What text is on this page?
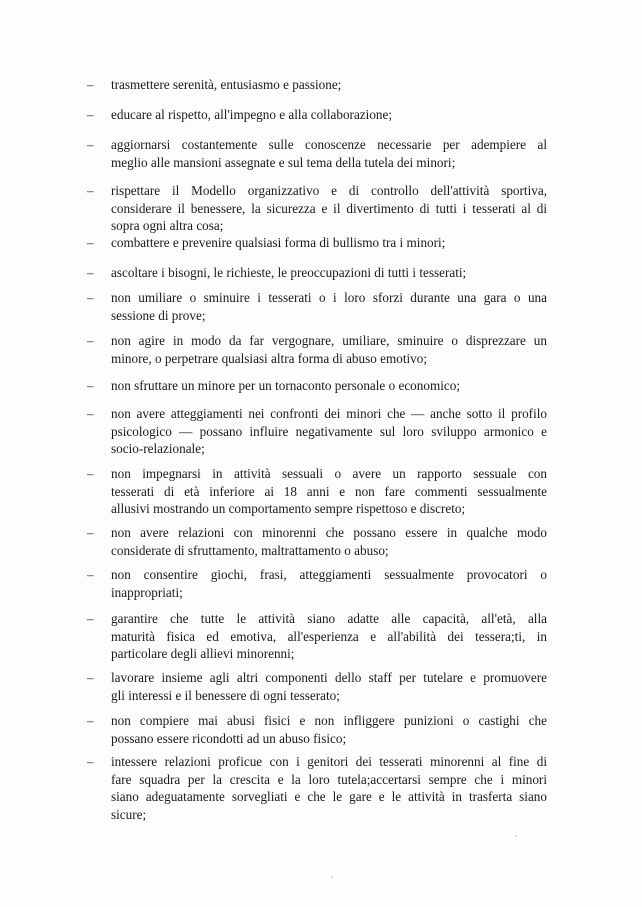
– trasmettere serenità, entusiasmo e passione;
– educare al rispetto, all'impegno e alla collaborazione;
– aggiornarsi costantemente sulle conoscenze necessarie per adempiere al
meglio alle mansioni assegnate e sul tema della tutela dei minori;
– rispettare il Modello organizzativo e di controllo dell'attività sportiva,
considerare il benessere, la sicurezza e il divertimento di tutti i tesserati al di
sopra ogni altra cosa;
– combattere e prevenire qualsiasi forma di bullismo tra i minori;
– ascoltare i bisogni, le richieste, le preoccupazioni di tutti i tesserati;
– non umiliare o sminuire i tesserati o i loro sforzi durante una gara o una
sessione di prove;
– non agire in modo da far vergognare, umiliare, sminuire o disprezzare un
minore, o perpetrare qualsiasi altra forma di abuso emotivo;
– non sfruttare un minore per un tornaconto personale o economico;
– non avere atteggiamenti nei confronti dei minori che — anche sotto il profilo
psicologico — possano influire negativamente sul loro sviluppo armonico e
socio-relazionale;
– non impegnarsi in attività sessuali o avere un rapporto sessuale con
tesserati di età inferiore ai 18 anni e non fare commenti sessualmente
allusivi mostrando un comportamento sempre rispettoso e discreto;
– non avere relazioni con minorenni che possano essere in qualche modo
considerate di sfruttamento, maltrattamento o abuso;
– non consentire giochi, frasi, atteggiamenti sessualmente provocatori o
inappropriati;
– garantire che tutte le attività siano adatte alle capacità, all'età, alla
maturità fisica ed emotiva, all'esperienza e all'abilità dei tessera;ti, in
particolare degli allievi minorenni;
– lavorare insieme agli altri componenti dello staff per tutelare e promuovere
gli interessi e il benessere di ogni tesserato;
– non compiere mai abusi fisici e non infliggere punizioni o castighi che
possano essere ricondotti ad un abuso fisico;
– intessere relazioni proficue con i genitori dei tesserati minorenni al fine di
fare squadra per la crescita e la loro tutela;accertarsi sempre che i minori
siano adeguatamente sorvegliati e che le gare e le attività in trasferta siano
sicure;
